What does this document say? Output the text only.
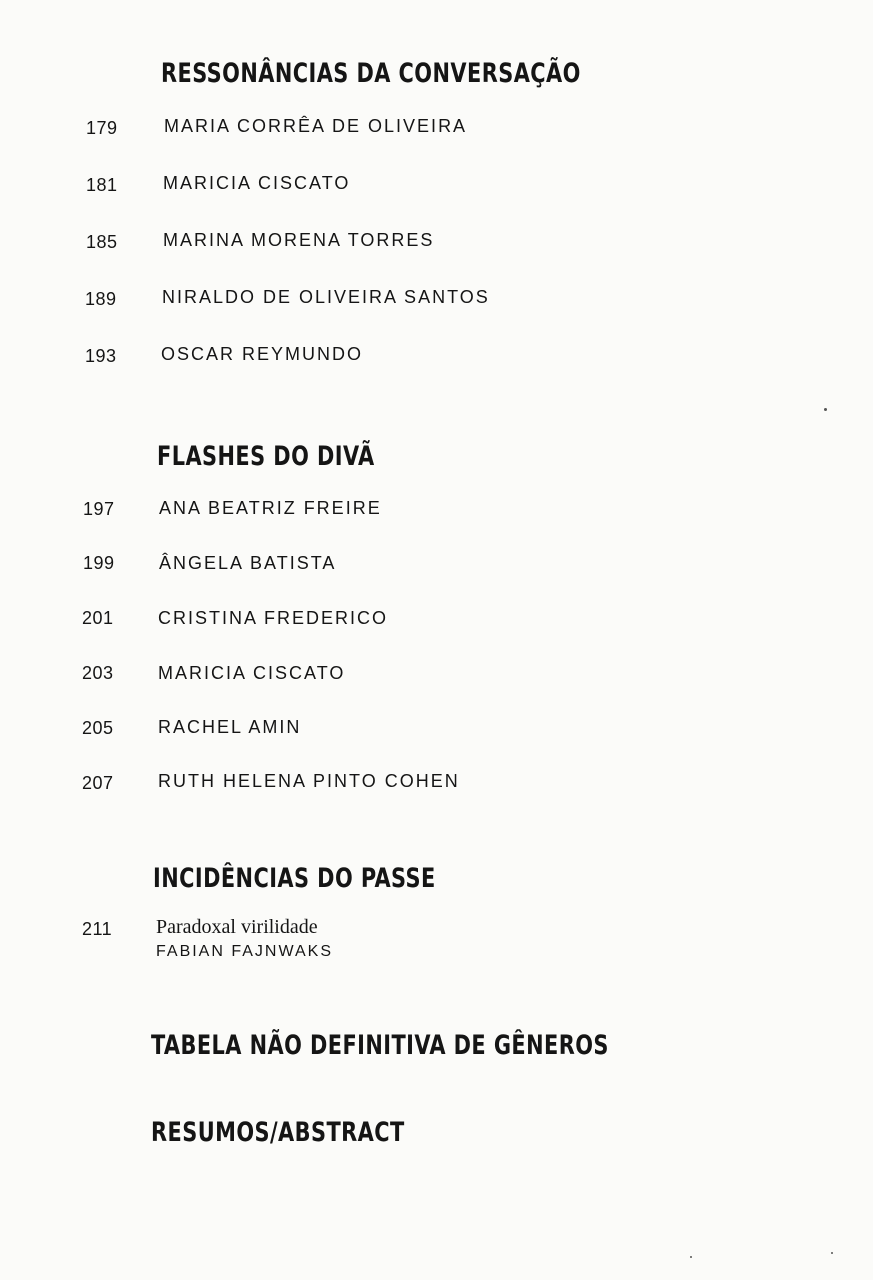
RESSONÂNCIAS DA CONVERSAÇÃO
179	MARIA CORRÊA DE OLIVEIRA
181	MARICIA CISCATO
185	MARINA MORENA TORRES
189	NIRALDO DE OLIVEIRA SANTOS
193 OSCAR REYMUNDO
FLASHES DO DIVÃ
197 ANA BEATRIZ FREIRE
199 ÂNGELA BATISTA
201 CRISTINA FREDERICO
203 MARICIA CISCATO
205 RACHEL AMIN
207 RUTH HELENA PINTO COHEN
INCIDÊNCIAS DO PASSE
211 Paradoxal virilidade
FABIAN FAJNWAKS
TABELA NÃO DEFINITIVA DE GÊNEROS
RESUMOS/ABSTRACT
